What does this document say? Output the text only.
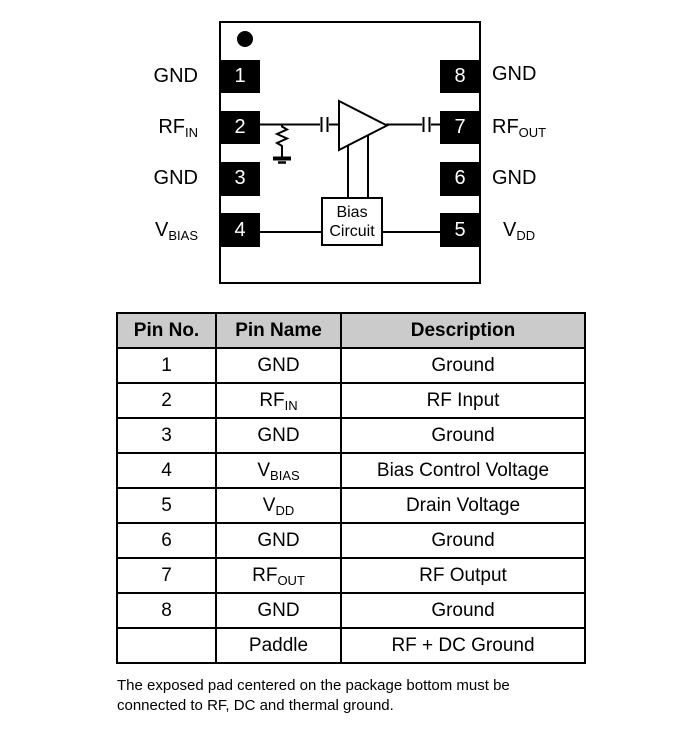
1
2
3
4
8
7
6
5
GND
$RF_{IN}$
GND
$V_{BIAS}$
GND
$RF_{OUT}$
GND
$V_{DD}$
Bias
Circuit
Pin No.	Pin Name	Description
1	GND	Ground
2	$RF_{IN}$	RF Input
3	GND	Ground
4	$V_{BIAS}$	Bias Control Voltage
5	$V_{DD}$	Drain Voltage
6	GND	Ground
7	$RF_{OUT}$	RF Output
8	GND	Ground
	Paddle	RF + DC Ground
The exposed pad centered on the package bottom must be
connected to RF, DC and thermal ground.
